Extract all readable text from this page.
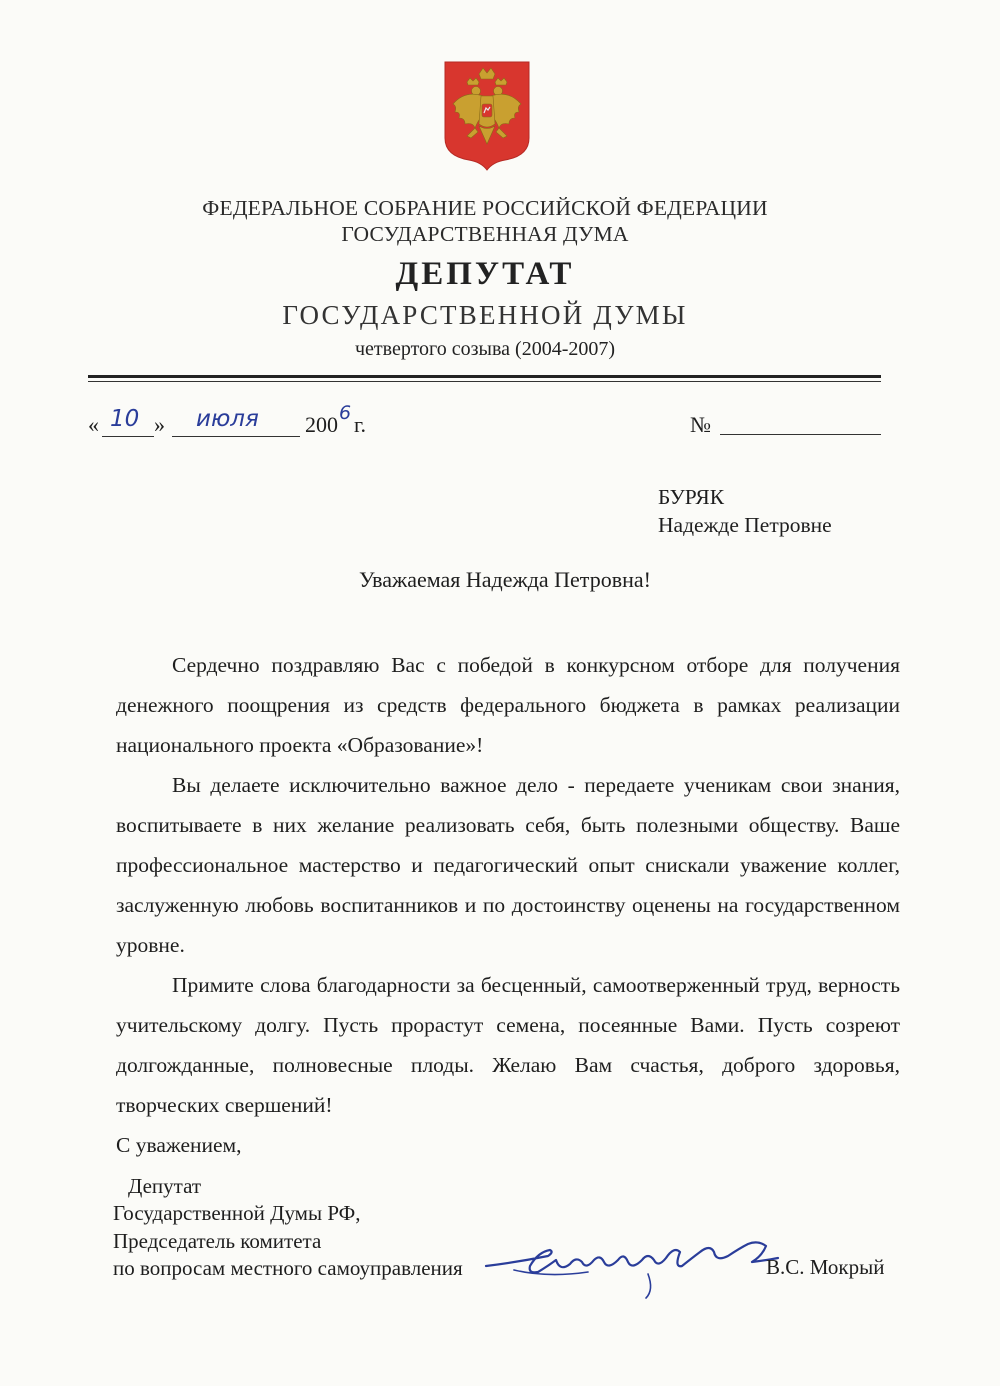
ФЕДЕРАЛЬНОЕ СОБРАНИЕ РОССИЙСКОЙ ФЕДЕРАЦИИ
ГОСУДАРСТВЕННАЯ ДУМА
ДЕПУТАТ
ГОСУДАРСТВЕННОЙ ДУМЫ
четвертого созыва (2004-2007)
« 10 » июля 200 6 г.	№
БУРЯК
Надежде Петровне
Уважаемая Надежда Петровна!

Сердечно поздравляю Вас с победой в конкурсном отборе для получения денежного поощрения из средств федерального бюджета в рамках реализации национального проекта «Образование»!

Вы делаете исключительно важное дело - передаете ученикам свои знания, воспитываете в них желание реализовать себя, быть полезными обществу. Ваше профессиональное мастерство и педагогический опыт снискали уважение коллег, заслуженную любовь воспитанников и по достоинству оценены на государственном уровне.

Примите слова благодарности за бесценный, самоотверженный труд, верность учительскому долгу. Пусть прорастут семена, посеянные Вами. Пусть созреют долгожданные, полновесные плоды. Желаю Вам счастья, доброго здоровья, творческих свершений!

С уважением,
Депутат
Государственной Думы РФ,
Председатель комитета
по вопросам местного самоуправления	В.С. Мокрый
